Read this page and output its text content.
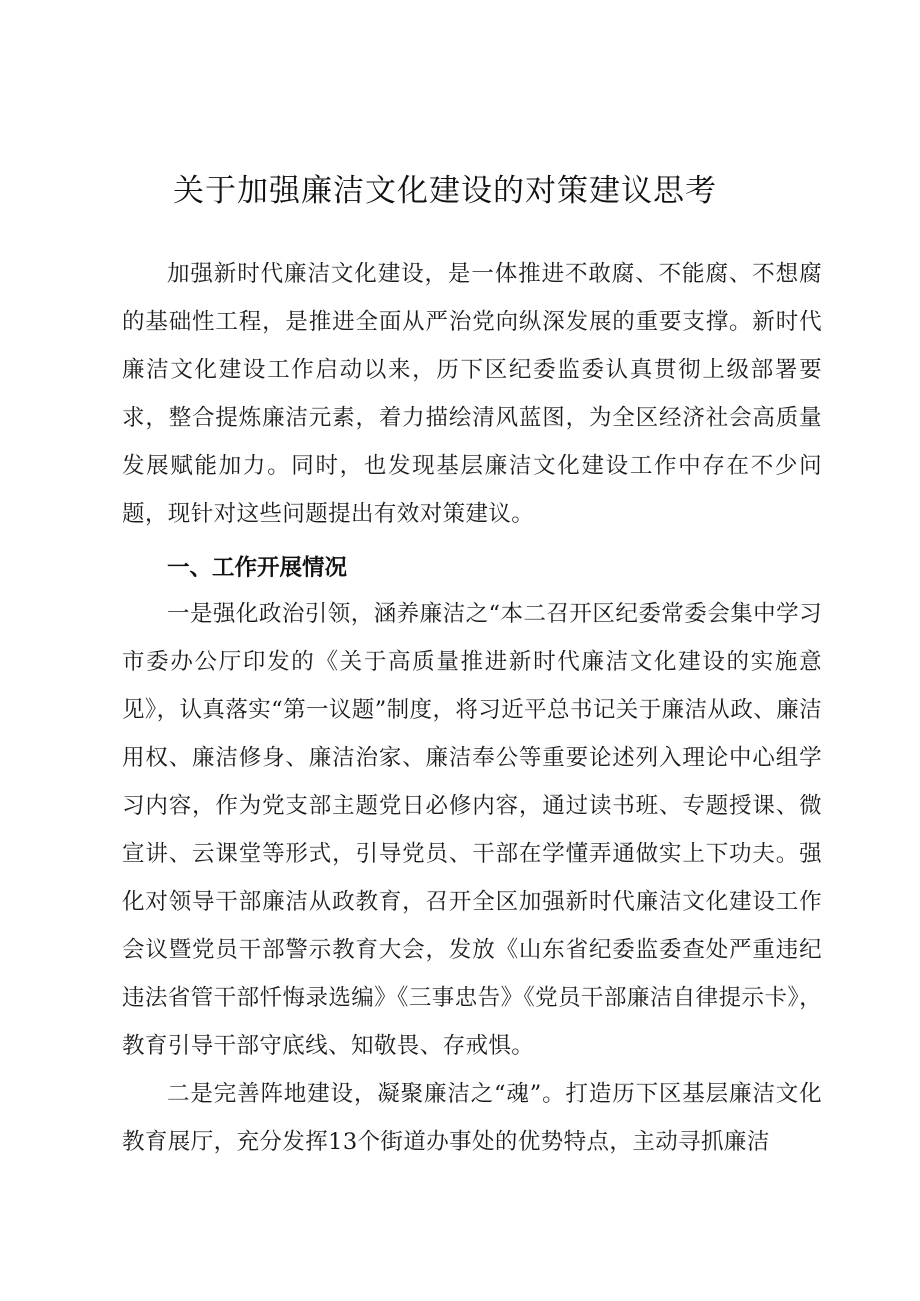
关于加强廉洁文化建设的对策建议思考

加强新时代廉洁文化建设，是一体推进不敢腐、不能腐、不想腐的基础性工程，是推进全面从严治党向纵深发展的重要支撑。新时代廉洁文化建设工作启动以来，历下区纪委监委认真贯彻上级部署要求，整合提炼廉洁元素，着力描绘清风蓝图，为全区经济社会高质量发展赋能加力。同时，也发现基层廉洁文化建设工作中存在不少问题，现针对这些问题提出有效对策建议。

一、工作开展情况

一是强化政治引领，涵养廉洁之“本二召开区纪委常委会集中学习市委办公厅印发的《关于高质量推进新时代廉洁文化建设的实施意见》，认真落实“第一议题”制度，将习近平总书记关于廉洁从政、廉洁用权、廉洁修身、廉洁治家、廉洁奉公等重要论述列入理论中心组学习内容，作为党支部主题党日必修内容，通过读书班、专题授课、微宣讲、云课堂等形式，引导党员、干部在学懂弄通做实上下功夫。强化对领导干部廉洁从政教育，召开全区加强新时代廉洁文化建设工作会议暨党员干部警示教育大会，发放《山东省纪委监委查处严重违纪违法省管干部忏悔录选编》《三事忠告》《党员干部廉洁自律提示卡》，教育引导干部守底线、知敬畏、存戒惧。

二是完善阵地建设，凝聚廉洁之“魂”。打造历下区基层廉洁文化教育展厅，充分发挥13个街道办事处的优势特点，主动寻抓廉洁
